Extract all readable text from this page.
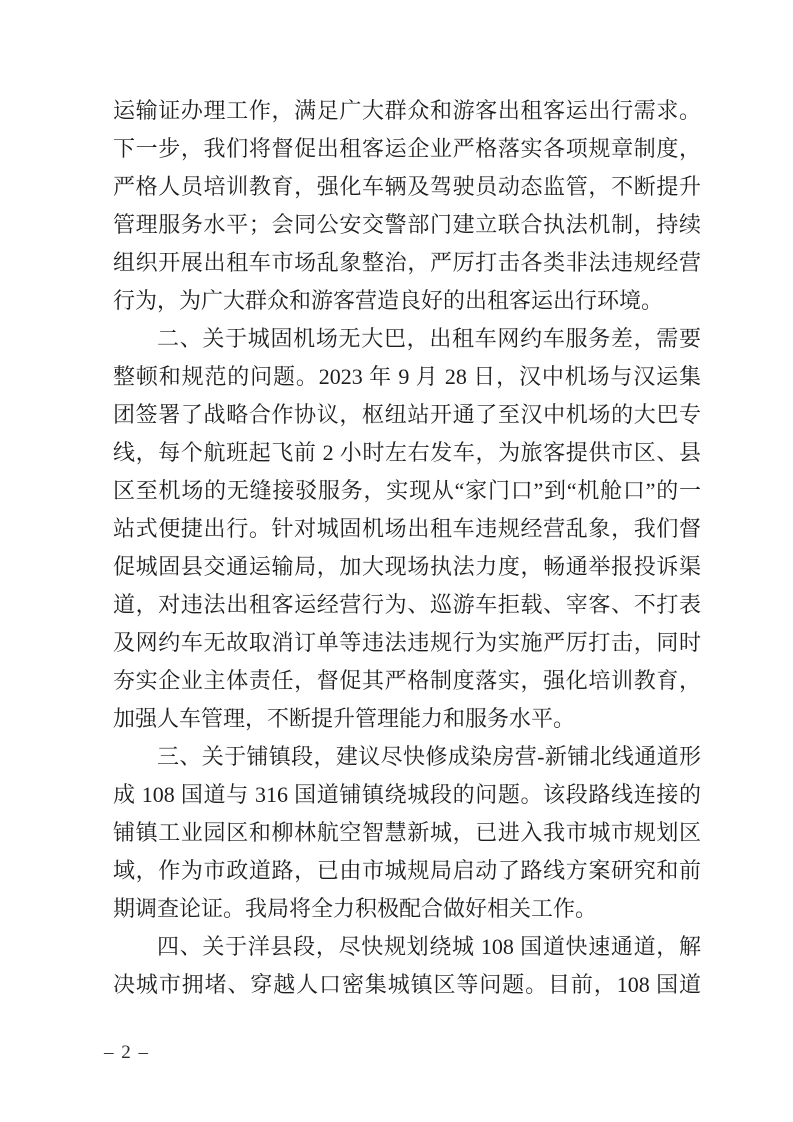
运输证办理工作，满足广大群众和游客出租客运出行需求。
下一步，我们将督促出租客运企业严格落实各项规章制度，
严格人员培训教育，强化车辆及驾驶员动态监管，不断提升
管理服务水平；会同公安交警部门建立联合执法机制，持续
组织开展出租车市场乱象整治，严厉打击各类非法违规经营
行为，为广大群众和游客营造良好的出租客运出行环境。
二、关于城固机场无大巴，出租车网约车服务差，需要
整顿和规范的问题。2023 年 9 月 28 日，汉中机场与汉运集
团签署了战略合作协议，枢纽站开通了至汉中机场的大巴专
线，每个航班起飞前 2 小时左右发车，为旅客提供市区、县
区至机场的无缝接驳服务，实现从“家门口”到“机舱口”的一
站式便捷出行。针对城固机场出租车违规经营乱象，我们督
促城固县交通运输局，加大现场执法力度，畅通举报投诉渠
道，对违法出租客运经营行为、巡游车拒载、宰客、不打表
及网约车无故取消订单等违法违规行为实施严厉打击，同时
夯实企业主体责任，督促其严格制度落实，强化培训教育，
加强人车管理，不断提升管理能力和服务水平。
三、关于铺镇段，建议尽快修成染房营-新铺北线通道形
成 108 国道与 316 国道铺镇绕城段的问题。该段路线连接的
铺镇工业园区和柳林航空智慧新城，已进入我市城市规划区
域，作为市政道路，已由市城规局启动了路线方案研究和前
期调查论证。我局将全力积极配合做好相关工作。
四、关于洋县段，尽快规划绕城 108 国道快速通道，解
决城市拥堵、穿越人口密集城镇区等问题。目前，108 国道
– 2 –
